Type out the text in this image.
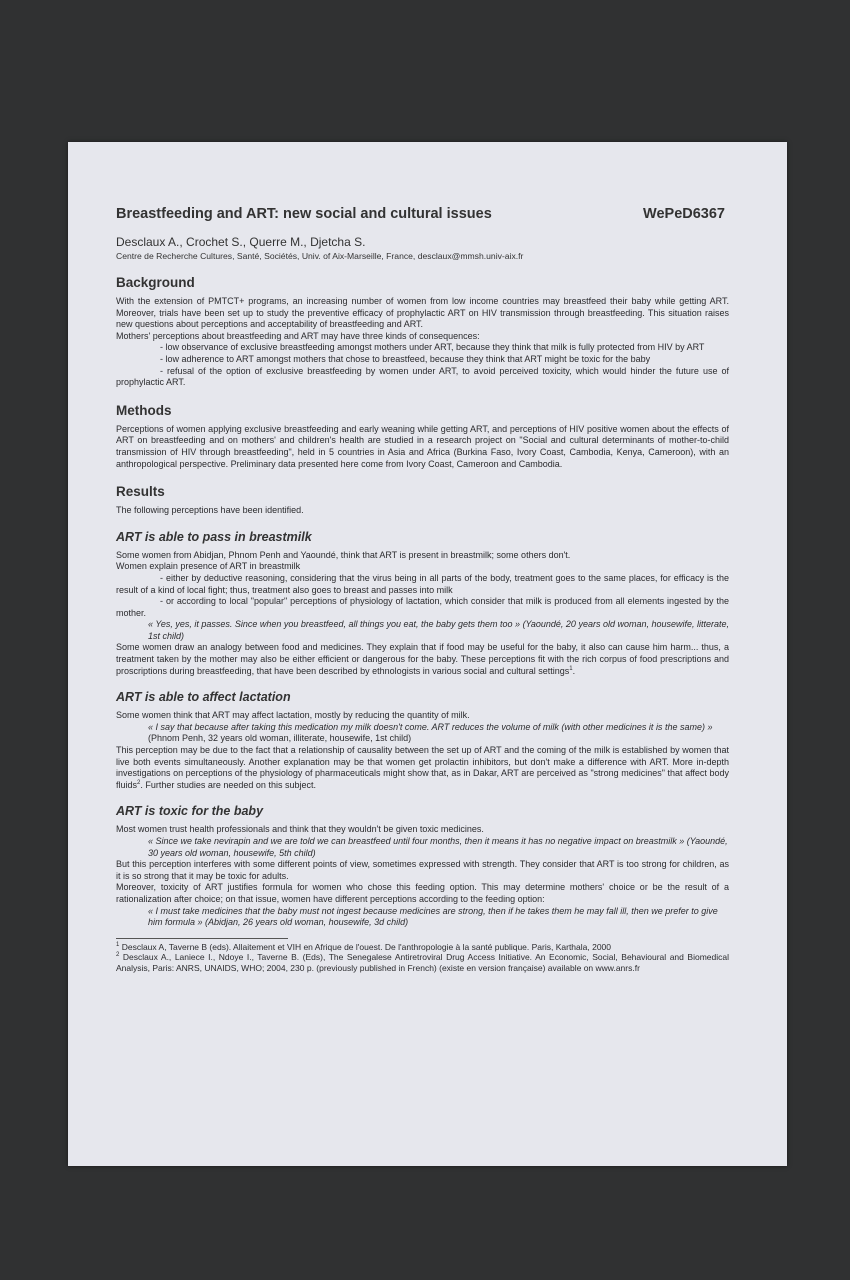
Breastfeeding and ART: new social and cultural issues	WePeD6367
Desclaux A., Crochet S., Querre M., Djetcha S.
Centre de Recherche Cultures, Santé, Sociétés, Univ. of Aix-Marseille, France, desclaux@mmsh.univ-aix.fr
Background

With the extension of PMTCT+ programs, an increasing number of women from low income countries may breastfeed their baby while getting ART. Moreover, trials have been set up to study the preventive efficacy of prophylactic ART on HIV transmission through breastfeeding. This situation raises new questions about perceptions and acceptability of breastfeeding and ART.

Mothers' perceptions about breastfeeding and ART may have three kinds of consequences:

- low observance of exclusive breastfeeding amongst mothers under ART, because they think that milk is fully protected from HIV by ART

- low adherence to ART amongst mothers that chose to breastfeed, because they think that ART might be toxic for the baby

- refusal of the option of exclusive breastfeeding by women under ART, to avoid perceived toxicity, which would hinder the future use of prophylactic ART.

Methods

Perceptions of women applying exclusive breastfeeding and early weaning while getting ART, and perceptions of HIV positive women about the effects of ART on breastfeeding and on mothers' and children's health are studied in a research project on "Social and cultural determinants of mother-to-child transmission of HIV through breastfeeding", held in 5 countries in Asia and Africa (Burkina Faso, Ivory Coast, Cambodia, Kenya, Cameroon), with an anthropological perspective. Preliminary data presented here come from Ivory Coast, Cameroon and Cambodia.

Results

The following perceptions have been identified.

ART is able to pass in breastmilk

Some women from Abidjan, Phnom Penh and Yaoundé, think that ART is present in breastmilk; some others don't.

Women explain presence of ART in breastmilk

- either by deductive reasoning, considering that the virus being in all parts of the body, treatment goes to the same places, for efficacy is the result of a kind of local fight; thus, treatment also goes to breast and passes into milk

- or according to local "popular" perceptions of physiology of lactation, which consider that milk is produced from all elements ingested by the mother.

« Yes, yes, it passes. Since when you breastfeed, all things you eat, the baby gets them too » (Yaoundé, 20 years old woman, housewife, litterate, 1st child)

Some women draw an analogy between food and medicines. They explain that if food may be useful for the baby, it also can cause him harm... thus, a treatment taken by the mother may also be either efficient or dangerous for the baby. These perceptions fit with the rich corpus of food prescriptions and proscriptions during breastfeeding, that have been described by ethnologists in various social and cultural settings$^1$.

ART is able to affect lactation

Some women think that ART may affect lactation, mostly by reducing the quantity of milk.

« I say that because after taking this medication my milk doesn't come. ART reduces the volume of milk (with other medicines it is the same) » (Phnom Penh, 32 years old woman, illiterate, housewife, 1st child)

This perception may be due to the fact that a relationship of causality between the set up of ART and the coming of the milk is established by women that live both events simultaneously. Another explanation may be that women get prolactin inhibitors, but don't make a difference with ART. More in-depth investigations on perceptions of the physiology of pharmaceuticals might show that, as in Dakar, ART are perceived as "strong medicines" that affect body fluids$^2$. Further studies are needed on this subject.

ART is toxic for the baby

Most women trust health professionals and think that they wouldn't be given toxic medicines.

« Since we take nevirapin and we are told we can breastfeed until four months, then it means it has no negative impact on breastmilk » (Yaoundé, 30 years old woman, housewife, 5th child)

But this perception interferes with some different points of view, sometimes expressed with strength. They consider that ART is too strong for children, as it is so strong that it may be toxic for adults.

Moreover, toxicity of ART justifies formula for women who chose this feeding option. This may determine mothers' choice or be the result of a rationalization after choice; on that issue, women have different perceptions according to the feeding option:

« I must take medicines that the baby must not ingest because medicines are strong, then if he takes them he may fall ill, then we prefer to give him formula » (Abidjan, 26 years old woman, housewife, 3d child)

$^1$ Desclaux A, Taverne B (eds). Allaitement et VIH en Afrique de l'ouest. De l'anthropologie à la santé publique. Paris, Karthala, 2000

$^2$ Desclaux A., Laniece I., Ndoye I., Taverne B. (Eds), The Senegalese Antiretroviral Drug Access Initiative. An Economic, Social, Behavioural and Biomedical Analysis, Paris: ANRS, UNAIDS, WHO; 2004, 230 p. (previously published in French) (existe en version française) available on www.anrs.fr
